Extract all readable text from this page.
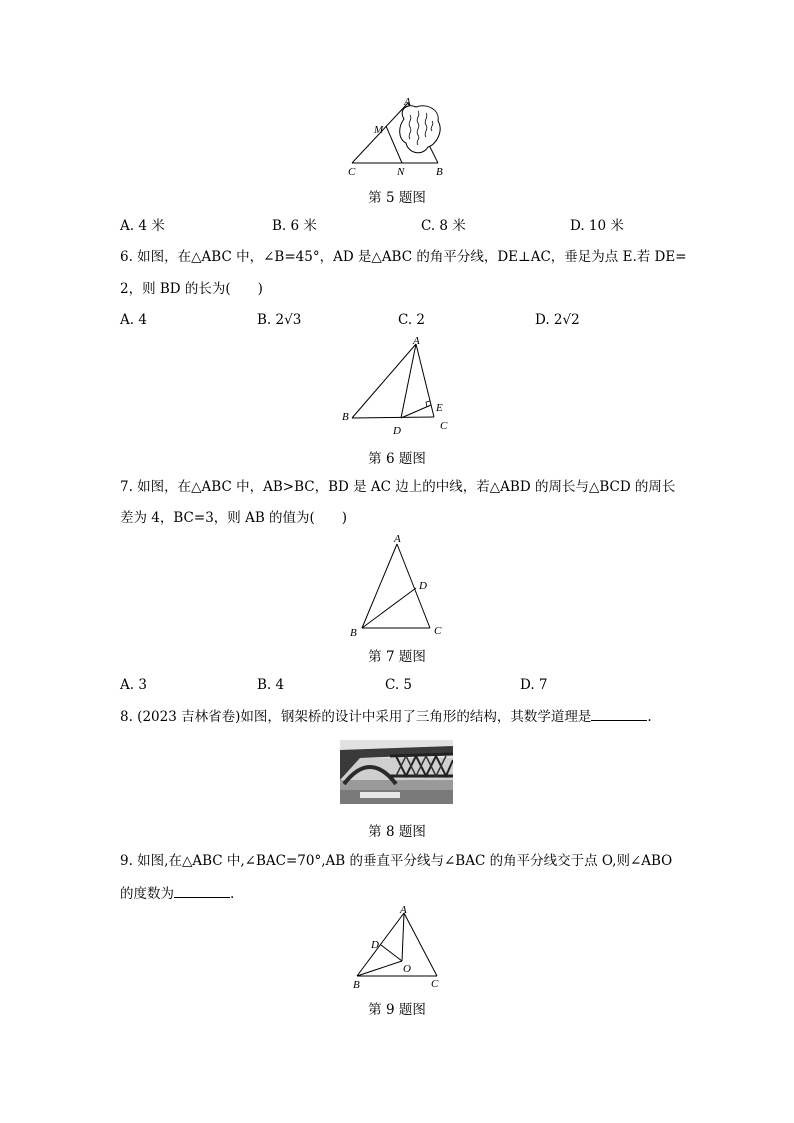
A
M
C	N	B
第 5 题图
A. 4 米	B. 6 米	C. 8 米	D. 10 米
6. 如图，在△ABC 中，∠B=45°，AD 是△ABC 的角平分线，DE⊥AC，垂足为点 E.若 DE=
2，则 BD 的长为(　　)
A. 4	B. 2√3	C. 2	D. 2√2
A
B
D
E
C
第 6 题图
7. 如图，在△ABC 中，AB>BC，BD 是 AC 边上的中线，若△ABD 的周长与△BCD 的周长
差为 4，BC=3，则 AB 的值为(　　)
A
D
B	C
第 7 题图
A. 3	B. 4	C. 5	D. 7
8. (2023 吉林省卷)如图，钢架桥的设计中采用了三角形的结构，其数学道理是	.
第 8 题图
9. 如图,在△ABC 中,∠BAC=70°,AB 的垂直平分线与∠BAC 的角平分线交于点 O,则∠ABO
的度数为	.
A
D
O
B	C
第 9 题图
